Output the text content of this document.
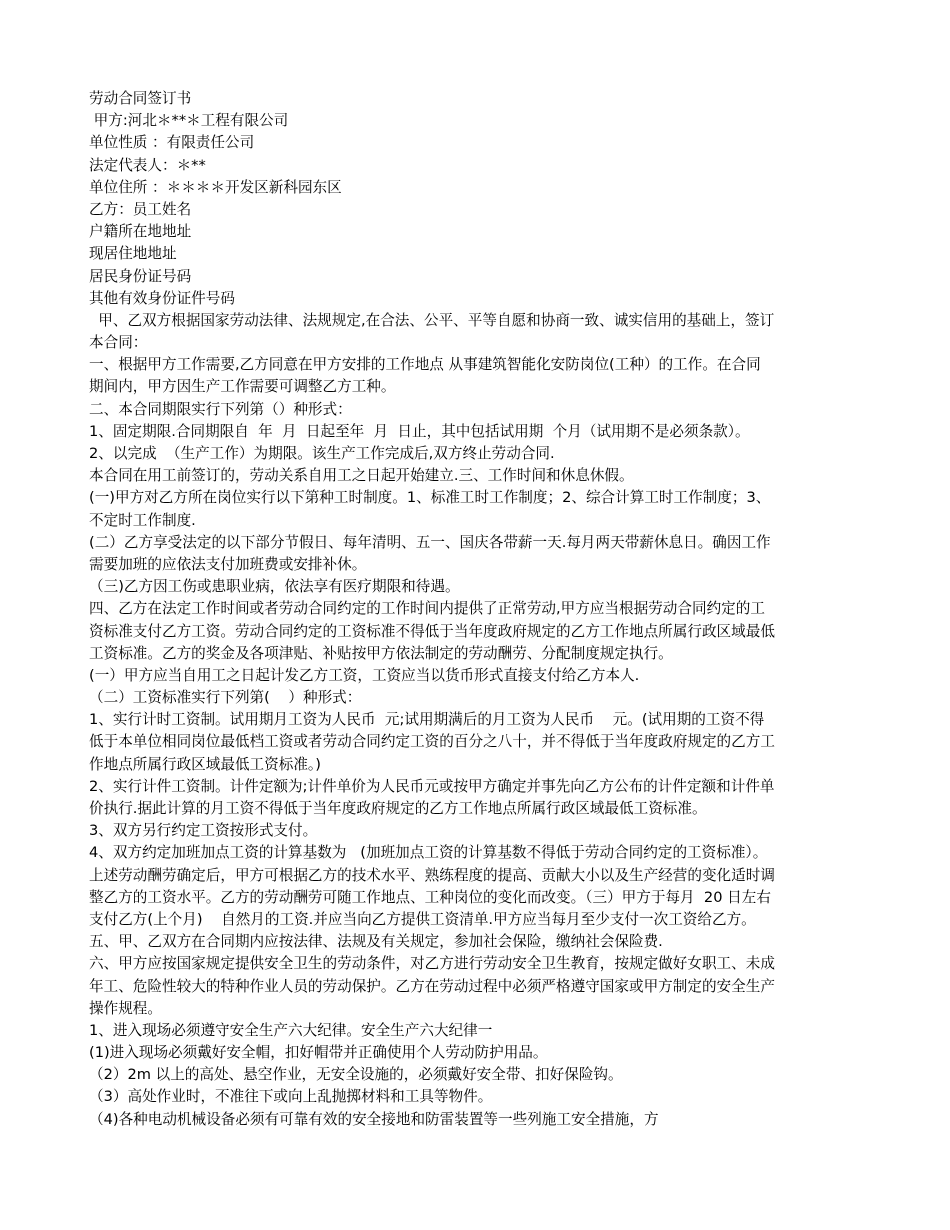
劳动合同签订书
甲方:河北＊**＊工程有限公司
单位性质 ：有限责任公司
法定代表人：＊**
单位住所 ：＊＊＊＊开发区新科园东区
乙方：员工姓名
户籍所在地地址
现居住地地址
居民身份证号码
其他有效身份证件号码
甲、乙双方根据国家劳动法律、法规规定,在合法、公平、平等自愿和协商一致、诚实信用的基础上，签订
本合同：
一、根据甲方工作需要,乙方同意在甲方安排的工作地点 从事建筑智能化安防岗位(工种）的工作。在合同
期间内，甲方因生产工作需要可调整乙方工种。
二、本合同期限实行下列第（）种形式：
1、固定期限.合同期限自  年  月  日起至年  月  日止，其中包括试用期  个月（试用期不是必须条款）。
2、以完成  （生产工作）为期限。该生产工作完成后,双方终止劳动合同.
本合同在用工前签订的，劳动关系自用工之日起开始建立.三、工作时间和休息休假。
(一)甲方对乙方所在岗位实行以下第种工时制度。1、标准工时工作制度；2、综合计算工时工作制度；3、
不定时工作制度.
(二）乙方享受法定的以下部分节假日、每年清明、五一、国庆各带薪一天.每月两天带薪休息日。确因工作
需要加班的应依法支付加班费或安排补休。
（三)乙方因工伤或患职业病，依法享有医疗期限和待遇。
四、乙方在法定工作时间或者劳动合同约定的工作时间内提供了正常劳动,甲方应当根据劳动合同约定的工
资标准支付乙方工资。劳动合同约定的工资标准不得低于当年度政府规定的乙方工作地点所属行政区域最低
工资标准。乙方的奖金及各项津贴、补贴按甲方依法制定的劳动酬劳、分配制度规定执行。
(一）甲方应当自用工之日起计发乙方工资，工资应当以货币形式直接支付给乙方本人.
（二）工资标准实行下列第(    ）种形式：
1、实行计时工资制。试用期月工资为人民币  元;试用期满后的月工资为人民币    元。(试用期的工资不得
低于本单位相同岗位最低档工资或者劳动合同约定工资的百分之八十，并不得低于当年度政府规定的乙方工
作地点所属行政区域最低工资标准。)
2、实行计件工资制。计件定额为;计件单价为人民币元或按甲方确定并事先向乙方公布的计件定额和计件单
价执行.据此计算的月工资不得低于当年度政府规定的乙方工作地点所属行政区域最低工资标准。
3、双方另行约定工资按形式支付。
4、双方约定加班加点工资的计算基数为   (加班加点工资的计算基数不得低于劳动合同约定的工资标准）。
上述劳动酬劳确定后，甲方可根据乙方的技术水平、熟练程度的提高、贡献大小以及生产经营的变化适时调
整乙方的工资水平。乙方的劳动酬劳可随工作地点、工种岗位的变化而改变。（三）甲方于每月  20 日左右
支付乙方(上个月)    自然月的工资.并应当向乙方提供工资清单.甲方应当每月至少支付一次工资给乙方。
五、甲、乙双方在合同期内应按法律、法规及有关规定，参加社会保险，缴纳社会保险费.
六、甲方应按国家规定提供安全卫生的劳动条件，对乙方进行劳动安全卫生教育，按规定做好女职工、未成
年工、危险性较大的特种作业人员的劳动保护。乙方在劳动过程中必须严格遵守国家或甲方制定的安全生产
操作规程。
1、进入现场必须遵守安全生产六大纪律。安全生产六大纪律一
(1)进入现场必须戴好安全帽，扣好帽带并正确使用个人劳动防护用品。
（2）2m 以上的高处、悬空作业，无安全设施的，必须戴好安全带、扣好保险钩。
（3）高处作业时，不准往下或向上乱抛掷材料和工具等物件。
（4)各种电动机械设备必须有可靠有效的安全接地和防雷装置等一些列施工安全措施，方
